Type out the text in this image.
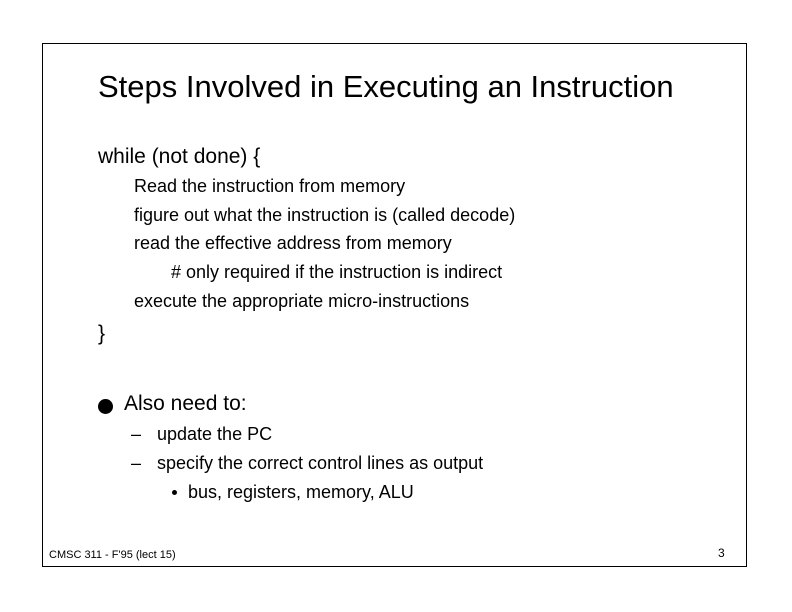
Steps Involved in Executing an Instruction
while (not done) {
Read the instruction from memory
figure out what the instruction is (called decode)
read the effective address from memory
# only required if the instruction is indirect
execute the appropriate micro-instructions
}
Also need to:
– update the PC
– specify the correct control lines as output
bus, registers, memory, ALU
CMSC 311 - F'95 (lect 15)	3
